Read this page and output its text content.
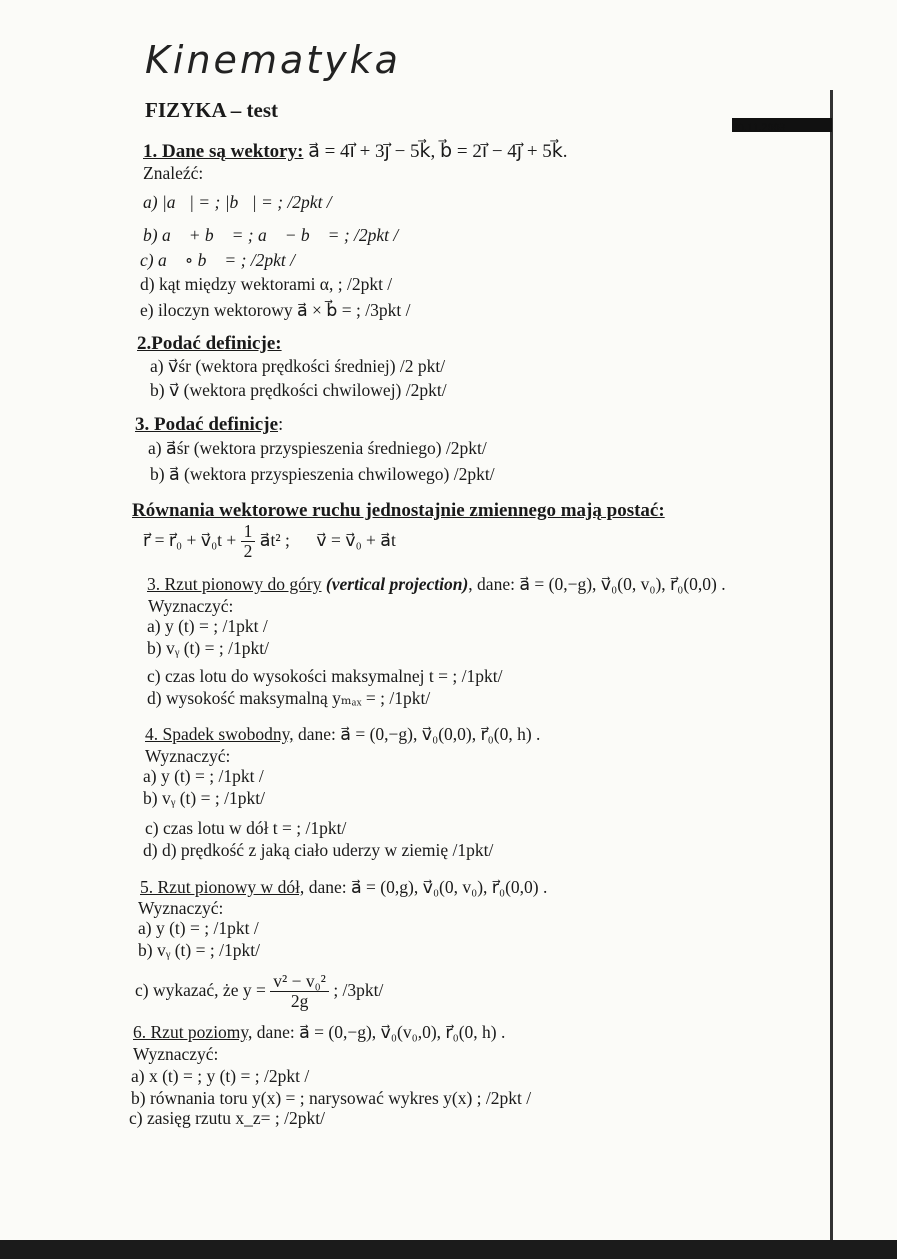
30.11.2003
Kinematyka
FIZYKA – test
1. Dane są wektory: a⃗ = 4i⃗ + 3j⃗ − 5k⃗, b⃗ = 2i⃗ − 4j⃗ + 5k⃗.
Znaleźć:
a) |a⃗| = ; |b⃗| = ; /2pkt /
b) a⃗ + b⃗ = ; a⃗ − b⃗ = ; /2pkt /
c) a⃗ ∘ b⃗ = ; /2pkt /
d) kąt między wektorami α, ; /2pkt /
e) iloczyn wektorowy a⃗ × b⃗ = ; /3pkt /
2.Podać definicje:
a) v⃗śr (wektora prędkości średniej) /2 pkt/
b) v⃗ (wektora prędkości chwilowej) /2pkt/
3. Podać definicje:
a) a⃗śr (wektora przyspieszenia średniego) /2pkt/
b) a⃗ (wektora przyspieszenia chwilowego) /2pkt/
Równania wektorowe ruchu jednostajnie zmiennego mają postać:
r⃗ = r⃗₀ + v⃗₀t + $\frac{1}{2}$ a⃗t² ; v⃗ = v⃗₀ + a⃗t
3. Rzut pionowy do góry (vertical projection), dane: a⃗ = (0,−g), v⃗₀(0, v₀), r⃗₀(0,0) .
Wyznaczyć:
a) y (t) = ; /1pkt /
b) vᵧ (t) = ; /1pkt/
c) czas lotu do wysokości maksymalnej t = ; /1pkt/
d) wysokość maksymalną yₘₐₓ = ; /1pkt/
4. Spadek swobodny, dane: a⃗ = (0,−g), v⃗₀(0,0), r⃗₀(0, h) .
Wyznaczyć:
a) y (t) = ; /1pkt /
b) vᵧ (t) = ; /1pkt/
c) czas lotu w dół t = ; /1pkt/
d) d) prędkość z jaką ciało uderzy w ziemię /1pkt/
5. Rzut pionowy w dół, dane: a⃗ = (0,g), v⃗₀(0, v₀), r⃗₀(0,0) .
Wyznaczyć:
a) y (t) = ; /1pkt /
b) vᵧ (t) = ; /1pkt/
c) wykazać, że $y = \frac{\text{v² − v₀²}}{2g}$ ; /3pkt/
6. Rzut poziomy, dane: a⃗ = (0,−g), v⃗₀(v₀,0), r⃗₀(0, h) .
Wyznaczyć:
a) x (t) = ; y (t) = ; /2pkt /
b) równania toru y(x) = ; narysować wykres y(x) ; /2pkt /
c) zasięg rzutu x_z= ; /2pkt/
